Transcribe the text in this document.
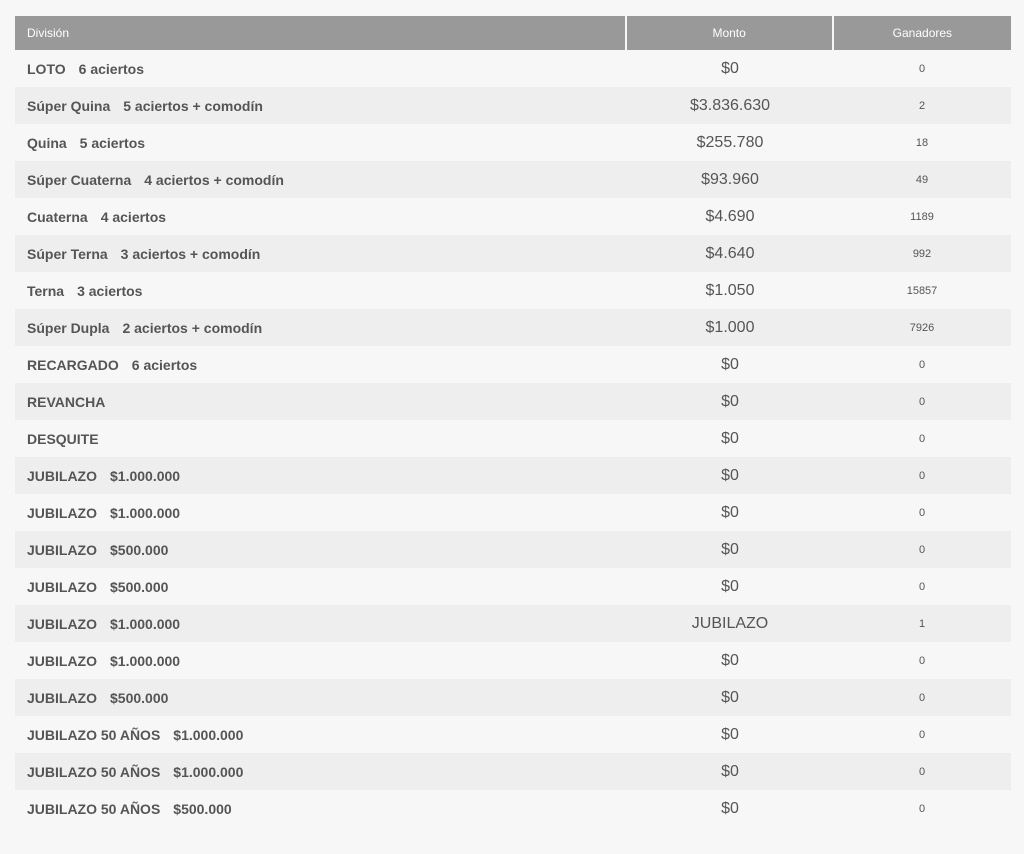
División	Monto	Ganadores
LOTO 6 aciertos	$0	0
Súper Quina 5 aciertos + comodín	$3.836.630	2
Quina 5 aciertos	$255.780	18
Súper Cuaterna 4 aciertos + comodín	$93.960	49
Cuaterna 4 aciertos	$4.690	1189
Súper Terna 3 aciertos + comodín	$4.640	992
Terna 3 aciertos	$1.050	15857
Súper Dupla 2 aciertos + comodín	$1.000	7926
RECARGADO 6 aciertos	$0	0
REVANCHA	$0	0
DESQUITE	$0	0
JUBILAZO $1.000.000	$0	0
JUBILAZO $1.000.000	$0	0
JUBILAZO $500.000	$0	0
JUBILAZO $500.000	$0	0
JUBILAZO $1.000.000	JUBILAZO	1
JUBILAZO $1.000.000	$0	0
JUBILAZO $500.000	$0	0
JUBILAZO 50 AÑOS $1.000.000	$0	0
JUBILAZO 50 AÑOS $1.000.000	$0	0
JUBILAZO 50 AÑOS $500.000	$0	0
